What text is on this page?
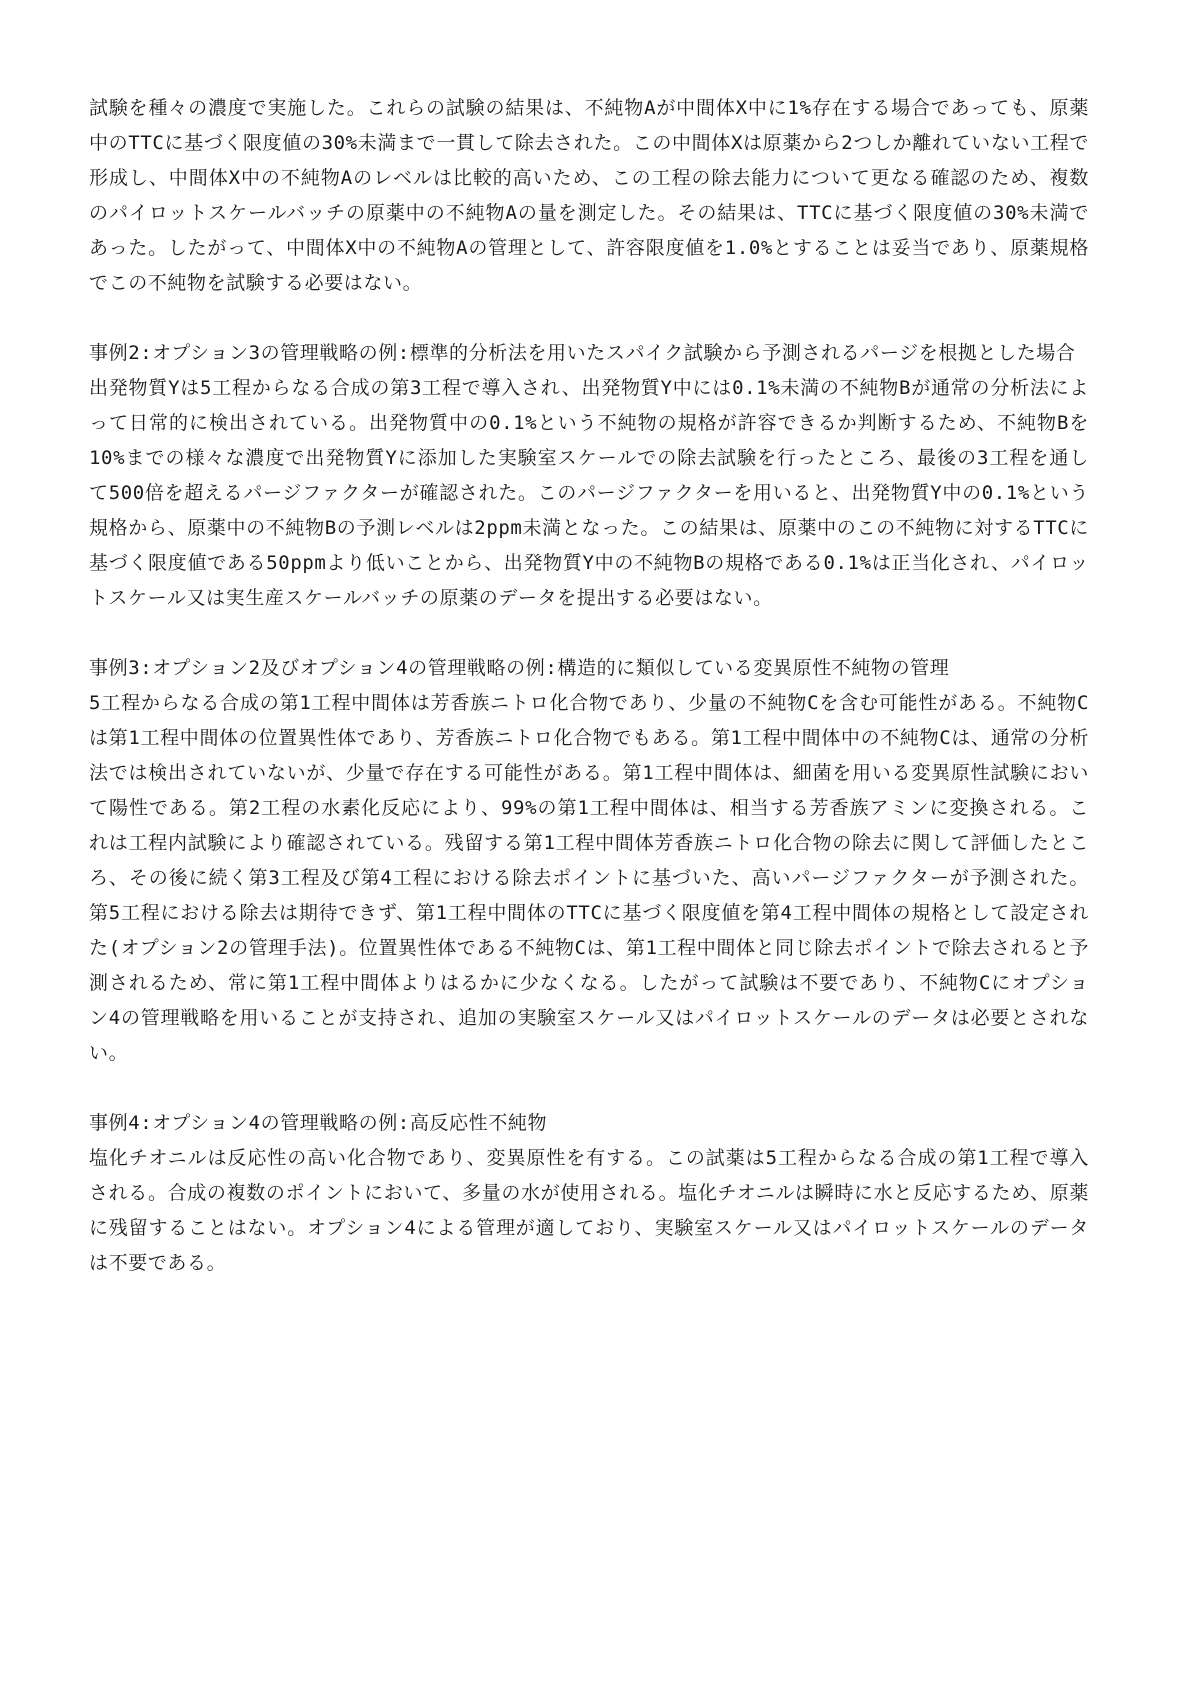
試験を種々の濃度で実施した。これらの試験の結果は、不純物Aが中間体X中に1%存在する場合であっても、原薬中のTTCに基づく限度値の30%未満まで一貫して除去された。この中間体Xは原薬から2つしか離れていない工程で形成し、中間体X中の不純物Aのレベルは比較的高いため、この工程の除去能力について更なる確認のため、複数のパイロットスケールバッチの原薬中の不純物Aの量を測定した。その結果は、TTCに基づく限度値の30%未満であった。したがって、中間体X中の不純物Aの管理として、許容限度値を1.0%とすることは妥当であり、原薬規格でこの不純物を試験する必要はない。

事例2:オプション3の管理戦略の例:標準的分析法を用いたスパイク試験から予測されるパージを根拠とした場合

出発物質Yは5工程からなる合成の第3工程で導入され、出発物質Y中には0.1%未満の不純物Bが通常の分析法によって日常的に検出されている。出発物質中の0.1%という不純物の規格が許容できるか判断するため、不純物Bを10%までの様々な濃度で出発物質Yに添加した実験室スケールでの除去試験を行ったところ、最後の3工程を通して500倍を超えるパージファクターが確認された。このパージファクターを用いると、出発物質Y中の0.1%という規格から、原薬中の不純物Bの予測レベルは2ppm未満となった。この結果は、原薬中のこの不純物に対するTTCに基づく限度値である50ppmより低いことから、出発物質Y中の不純物Bの規格である0.1%は正当化され、パイロットスケール又は実生産スケールバッチの原薬のデータを提出する必要はない。

事例3:オプション2及びオプション4の管理戦略の例:構造的に類似している変異原性不純物の管理

5工程からなる合成の第1工程中間体は芳香族ニトロ化合物であり、少量の不純物Cを含む可能性がある。不純物Cは第1工程中間体の位置異性体であり、芳香族ニトロ化合物でもある。第1工程中間体中の不純物Cは、通常の分析法では検出されていないが、少量で存在する可能性がある。第1工程中間体は、細菌を用いる変異原性試験において陽性である。第2工程の水素化反応により、99%の第1工程中間体は、相当する芳香族アミンに変換される。これは工程内試験により確認されている。残留する第1工程中間体芳香族ニトロ化合物の除去に関して評価したところ、その後に続く第3工程及び第4工程における除去ポイントに基づいた、高いパージファクターが予測された。第5工程における除去は期待できず、第1工程中間体のTTCに基づく限度値を第4工程中間体の規格として設定された(オプション2の管理手法)。位置異性体である不純物Cは、第1工程中間体と同じ除去ポイントで除去されると予測されるため、常に第1工程中間体よりはるかに少なくなる。したがって試験は不要であり、不純物Cにオプション4の管理戦略を用いることが支持され、追加の実験室スケール又はパイロットスケールのデータは必要とされない。

事例4:オプション4の管理戦略の例:高反応性不純物

塩化チオニルは反応性の高い化合物であり、変異原性を有する。この試薬は5工程からなる合成の第1工程で導入される。合成の複数のポイントにおいて、多量の水が使用される。塩化チオニルは瞬時に水と反応するため、原薬に残留することはない。オプション4による管理が適しており、実験室スケール又はパイロットスケールのデータは不要である。
